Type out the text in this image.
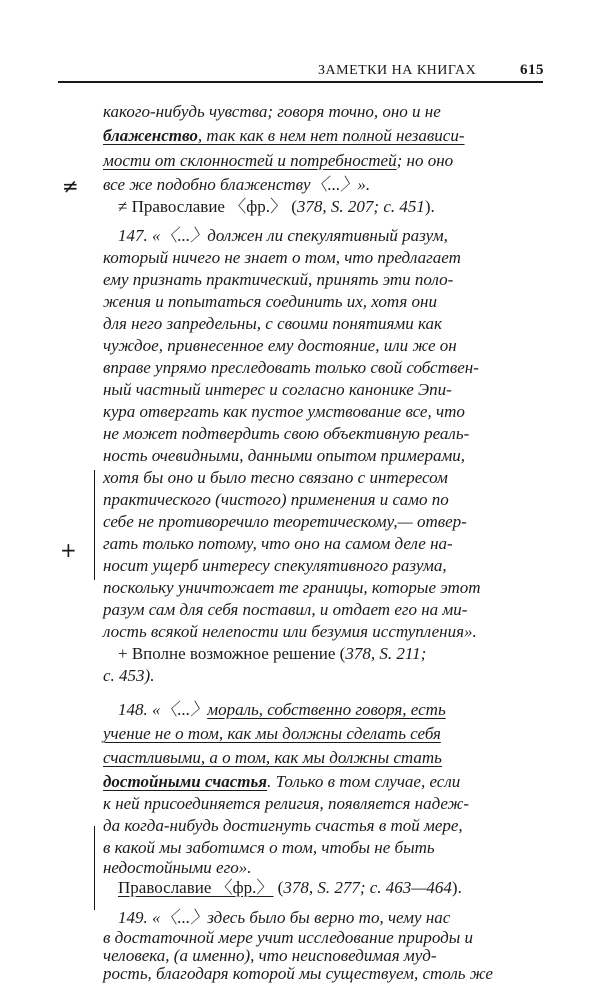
ЗАМЕТКИ НА КНИГАХ	615
≠
+
какого-нибудь чувства; говоря точно, оно и не
блаженство, так как в нем нет полной независи-
мости от склонностей и потребностей; но оно
все же подобно блаженству〈...〉».
≠ Православие 〈фр.〉 (378, S. 207; с. 451).
147. «〈...〉должен ли спекулятивный разум,
который ничего не знает о том, что предлагает
ему признать практический, принять эти поло-
жения и попытаться соединить их, хотя они
для него запредельны, с своими понятиями как
чуждое, привнесенное ему достояние, или же он
вправе упрямо преследовать только свой собствен-
ный частный интерес и согласно канонике Эпи-
кура отвергать как пустое умствование все, что
не может подтвердить свою объективную реаль-
ность очевидными, данными опытом примерами,
хотя бы оно и было тесно связано с интересом
практического (чистого) применения и само по
себе не противоречило теоретическому,— отвер-
гать только потому, что оно на самом деле на-
носит ущерб интересу спекулятивного разума,
поскольку уничтожает те границы, которые этот
разум сам для себя поставил, и отдает его на ми-
лость всякой нелепости или безумия исступления».
+ Вполне возможное решение (378, S. 211;
с. 453).
148. «〈...〉мораль, собственно говоря, есть
учение не о том, как мы должны сделать себя
счастливыми, а о том, как мы должны стать
достойными счастья. Только в том случае, если
к ней присоединяется религия, появляется надеж-
да когда-нибудь достигнуть счастья в той мере,
в какой мы заботимся о том, чтобы не быть
недостойными его».
Православие 〈фр.〉 (378, S. 277; с. 463—464).
149. «〈...〉здесь было бы верно то, чему нас
в достаточной мере учит исследование природы и
человека, (а именно), что неисповедимая муд-
рость, благодаря которой мы существуем, столь же
